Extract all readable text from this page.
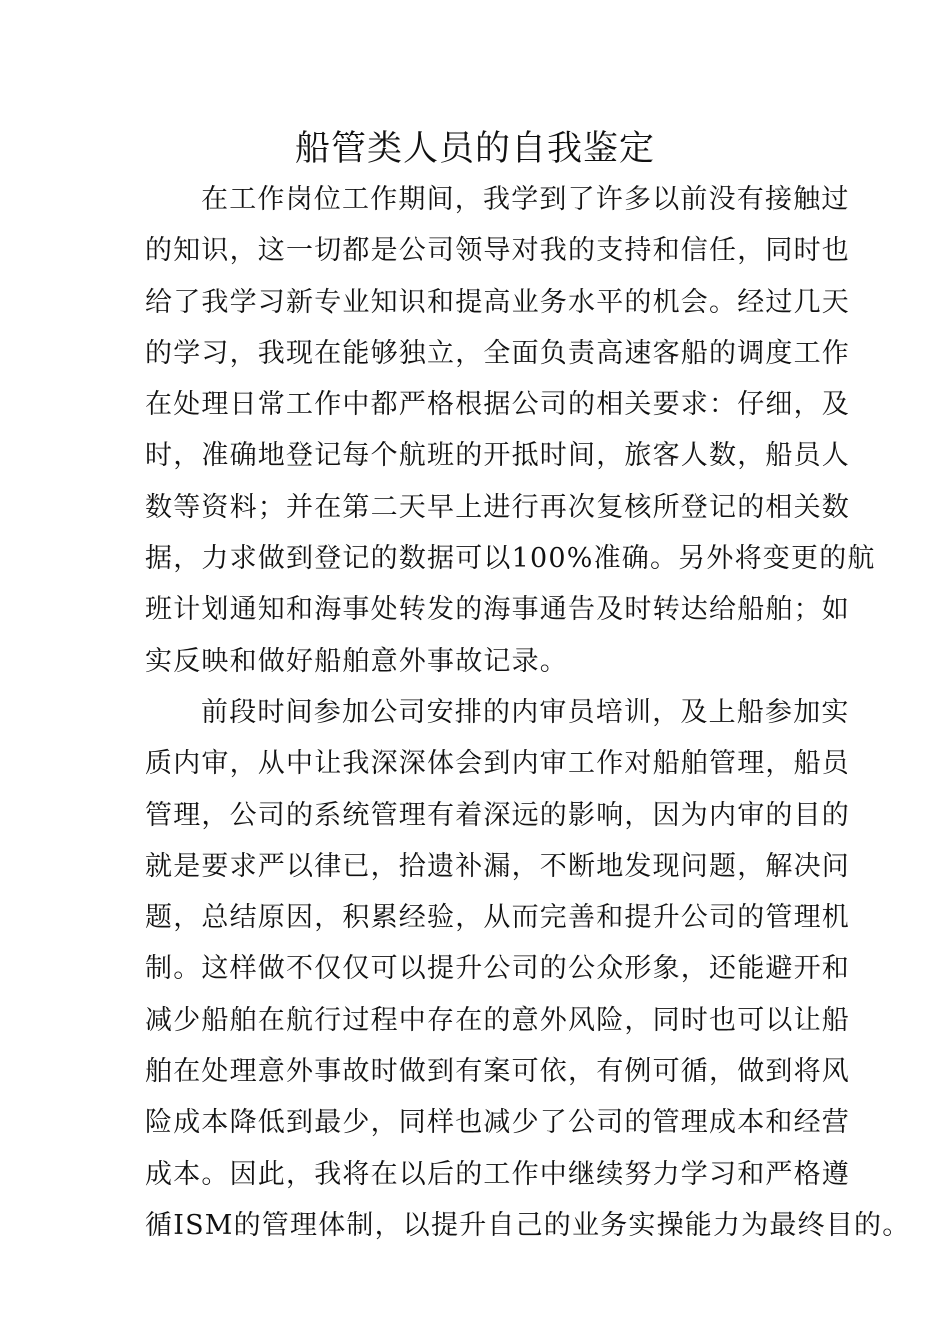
船管类人员的自我鉴定
在工作岗位工作期间，我学到了许多以前没有接触过
的知识，这一切都是公司领导对我的支持和信任，同时也
给了我学习新专业知识和提高业务水平的机会。经过几天
的学习，我现在能够独立，全面负责高速客船的调度工作
在处理日常工作中都严格根据公司的相关要求：仔细，及
时，准确地登记每个航班的开抵时间，旅客人数，船员人
数等资料；并在第二天早上进行再次复核所登记的相关数
据，力求做到登记的数据可以100%准确。另外将变更的航
班计划通知和海事处转发的海事通告及时转达给船舶；如
实反映和做好船舶意外事故记录。
前段时间参加公司安排的内审员培训，及上船参加实
质内审，从中让我深深体会到内审工作对船舶管理，船员
管理，公司的系统管理有着深远的影响，因为内审的目的
就是要求严以律已，拾遗补漏，不断地发现问题，解决问
题，总结原因，积累经验，从而完善和提升公司的管理机
制。这样做不仅仅可以提升公司的公众形象，还能避开和
减少船舶在航行过程中存在的意外风险，同时也可以让船
舶在处理意外事故时做到有案可依，有例可循，做到将风
险成本降低到最少，同样也减少了公司的管理成本和经营
成本。因此，我将在以后的工作中继续努力学习和严格遵
循ISM的管理体制，以提升自己的业务实操能力为最终目的。
